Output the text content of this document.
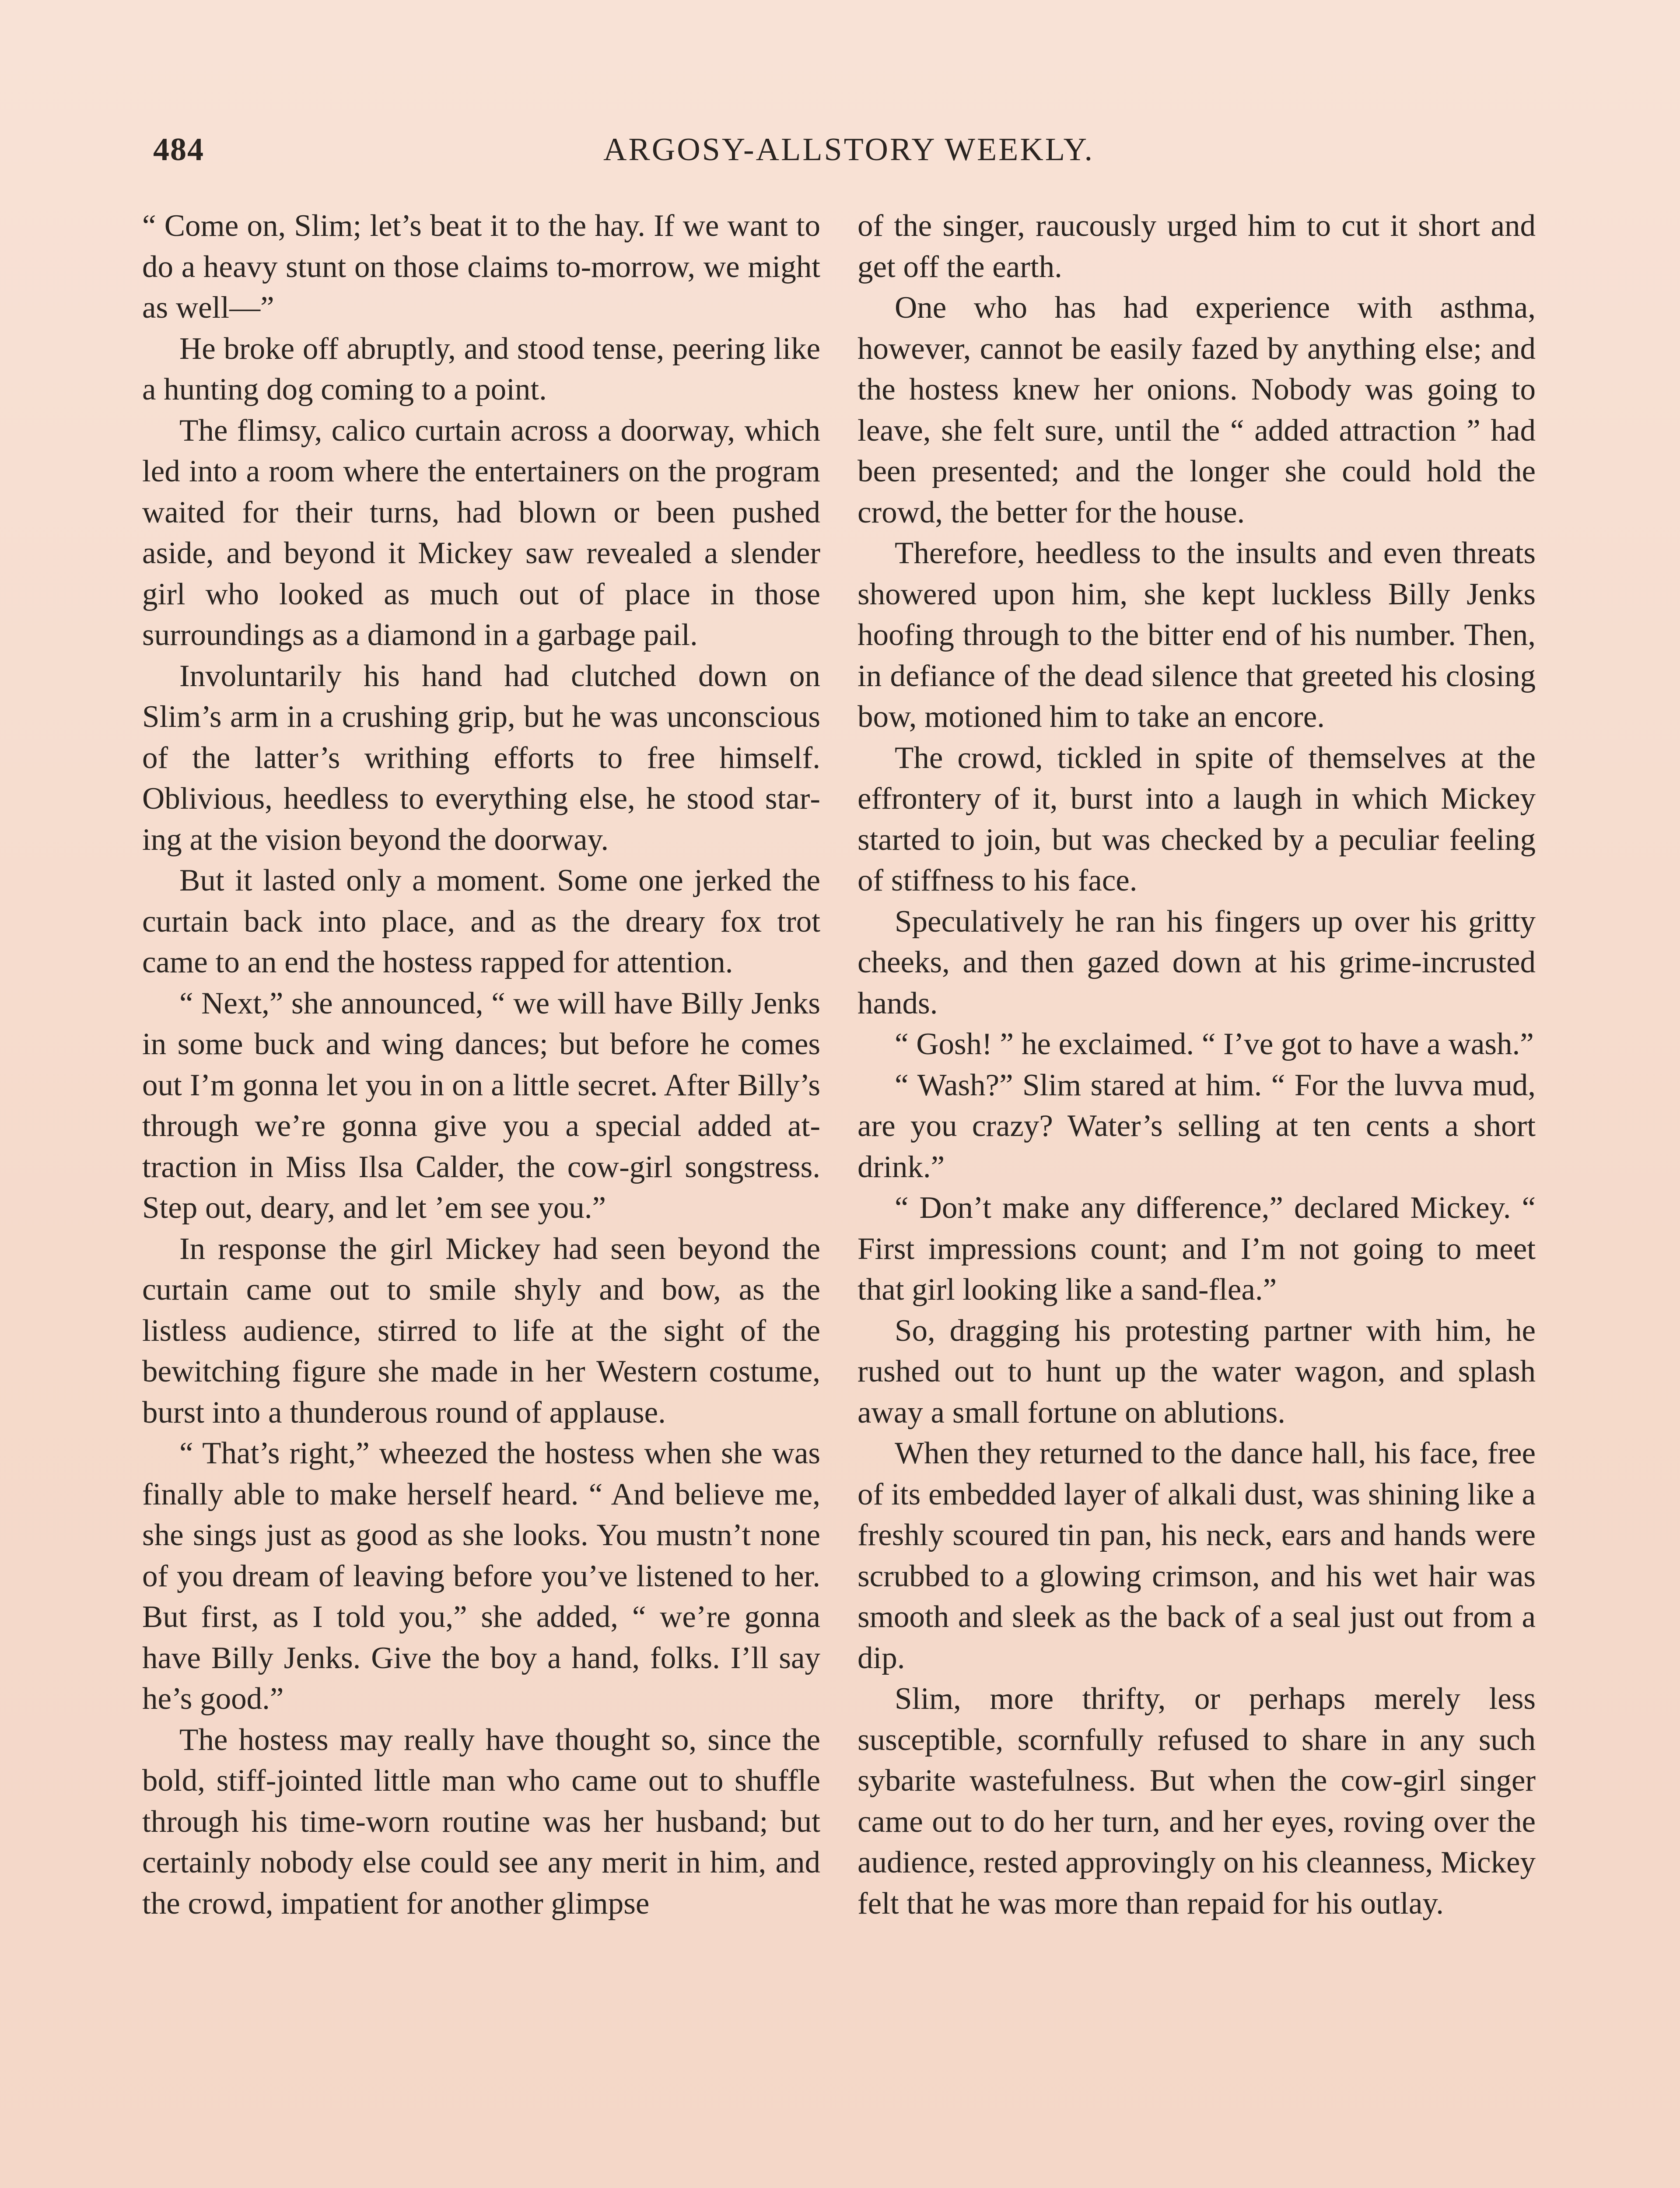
484	ARGOSY-ALLSTORY WEEKLY.

“ Come on, Slim; let’s beat it to the hay. If we want to do a heavy stunt on those claims to-morrow, we might as well—”

He broke off abruptly, and stood tense, peering like a hunting dog coming to a point.

The flimsy, calico curtain across a doorway, which led into a room where the entertainers on the program waited for their turns, had blown or been pushed aside, and beyond it Mickey saw revealed a slender girl who looked as much out of place in those surroundings as a diamond in a garbage pail.

Involuntarily his hand had clutched down on Slim’s arm in a crushing grip, but he was unconscious of the latter’s writhing efforts to free himself. Oblivious, heedless to everything else, he stood staring at the vision beyond the doorway.

But it lasted only a moment. Some one jerked the curtain back into place, and as the dreary fox trot came to an end the hostess rapped for attention.

“ Next,” she announced, “ we will have Billy Jenks in some buck and wing dances; but before he comes out I’m gonna let you in on a little secret. After Billy’s through we’re gonna give you a special added attraction in Miss Ilsa Calder, the cow-girl songstress. Step out, deary, and let ’em see you.”

In response the girl Mickey had seen beyond the curtain came out to smile shyly and bow, as the listless audience, stirred to life at the sight of the bewitching figure she made in her Western costume, burst into a thunderous round of applause.

“ That’s right,” wheezed the hostess when she was finally able to make herself heard. “ And believe me, she sings just as good as she looks. You mustn’t none of you dream of leaving before you’ve listened to her. But first, as I told you,” she added, “ we’re gonna have Billy Jenks. Give the boy a hand, folks. I’ll say he’s good.”

The hostess may really have thought so, since the bold, stiff-jointed little man who came out to shuffle through his time-worn routine was her husband; but certainly nobody else could see any merit in him, and the crowd, impatient for another glimpse

of the singer, raucously urged him to cut it short and get off the earth.

One who has had experience with asthma, however, cannot be easily fazed by anything else; and the hostess knew her onions. Nobody was going to leave, she felt sure, until the “ added attraction ” had been presented; and the longer she could hold the crowd, the better for the house.

Therefore, heedless to the insults and even threats showered upon him, she kept luckless Billy Jenks hoofing through to the bitter end of his number. Then, in defiance of the dead silence that greeted his closing bow, motioned him to take an encore.

The crowd, tickled in spite of themselves at the effrontery of it, burst into a laugh in which Mickey started to join, but was checked by a peculiar feeling of stiffness to his face.

Speculatively he ran his fingers up over his gritty cheeks, and then gazed down at his grime-incrusted hands.

“ Gosh! ” he exclaimed. “ I’ve got to have a wash.”

“ Wash?” Slim stared at him. “ For the luvva mud, are you crazy? Water’s selling at ten cents a short drink.”

“ Don’t make any difference,” declared Mickey. “ First impressions count; and I’m not going to meet that girl looking like a sand-flea.”

So, dragging his protesting partner with him, he rushed out to hunt up the water wagon, and splash away a small fortune on ablutions.

When they returned to the dance hall, his face, free of its embedded layer of alkali dust, was shining like a freshly scoured tin pan, his neck, ears and hands were scrubbed to a glowing crimson, and his wet hair was smooth and sleek as the back of a seal just out from a dip.

Slim, more thrifty, or perhaps merely less susceptible, scornfully refused to share in any such sybarite wastefulness. But when the cow-girl singer came out to do her turn, and her eyes, roving over the audience, rested approvingly on his cleanness, Mickey felt that he was more than repaid for his outlay.
